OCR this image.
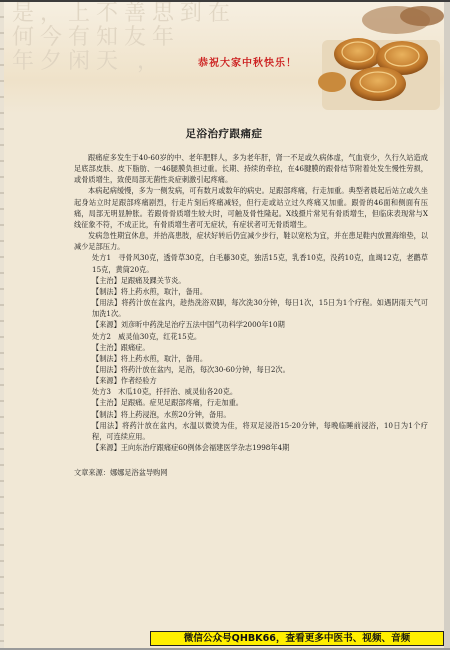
是，上不善思到在
何今有知友年
年夕闲天 ，	恭祝大家中秋快乐！
足浴治疗跟痛症

跟痛症多发生于40-60岁的中、老年肥胖人，多为老年肝，肾一不足或久病体虚，气血衰少，久行久站造成足底部皮肤、皮下脂肪、一46腿膜负担过重。长期、持续的牵拉，在46腱膜的跟骨结节附着处发生慢性劳损，或骨质增生，致使局部无菌性炎症刺激引起疼痛。

本病起病缓慢，多为一侧发病，可有数月或数年的病史。足跟部疼痛，行走加重。典型者晨起后站立或久坐起身站立时足跟部疼痛剧烈，行走片刻后疼痛减轻，但行走或站立过久疼痛又加重。跟骨的46面和侧面有压痛，局部无明显肿胀。若跟骨骨质增生较大时，可触及骨性隆起。X线摄片常见有骨质增生，但临床表现常与X线征象不符，不成正比，有骨质增生者可无症状，有症状者可无骨质增生。

发病急性期宜休息，并抬高患肢，症状好转后仍宜减少步行，鞋以宽松为宜，并在患足鞋内放置海绵垫，以减少足部压力。

处方1　寻骨风30克，透骨草30克，白毛藤30克，独活15克，乳香10克，没药10克，血竭12克，老鹳草15克，黄筒20克。

【主治】足跟痛及踝关节炎。

【制法】将上药水煎，取汁，备用。

【用法】将药汁放在盆内，趁热洗浴双脚，每次洗30分钟，每日1次，15日为1个疗程。如遇阴雨天气可加洗1次。

【来源】刘彦昕中药洗足治疗五法中国气功科学2000年10期

处方2　威灵仙30克，红花15克。

【主治】跟痛症。

【制法】将上药水煎，取汁，备用。

【用法】将药汁放在盆内，足浴，每次30-60分钟，每日2次。

【来源】作者经验方

处方3　木瓜10克，扦扦治、威灵仙各20克。

【主治】足跟痛。症见足跟部疼痛，行走加重。

【制法】将上药浸泡，水煎20分钟，备用。

【用法】将药汁放在盆内，水温以微烫为佳，将双足浸浴15-20分钟，每晚临睡前浸浴，10日为1个疗程，可连续应用。

【来源】王向东治疗跟痛症60例体会福建医学杂志1998年4期

文章来源：娜娜足浴盆导购网

微信公众号QHBK66，查看更多中医书、视频、音频
